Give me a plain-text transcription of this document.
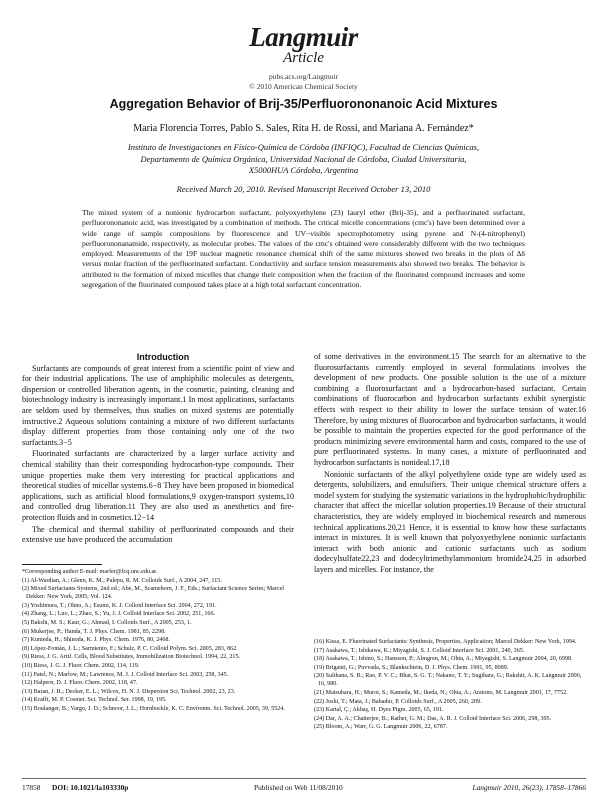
Langmuir
Article
pubs.acs.org/Langmuir
© 2010 American Chemical Society
Aggregation Behavior of Brij-35/Perfluorononanoic Acid Mixtures
Maria Florencia Torres, Pablo S. Sales, Rita H. de Rossi, and Mariana A. Fernández*
Instituto de Investigaciones en Físico-Química de Córdoba (INFIQC), Facultad de Ciencias Químicas,
Departamento de Química Orgánica, Universidad Nacional de Córdoba, Ciudad Universitaria,
X5000HUA Córdoba, Argentina
Received March 20, 2010. Revised Manuscript Received October 13, 2010
The mixed system of a nonionic hydrocarbon surfactant, polyoxyethylene (23) lauryl ether (Brij-35), and a perfluorinated surfactant, perfluorononanoic acid, was investigated by a combination of methods. The critical micelle concentrations (cmc's) have been determined over a wide range of sample compositions by fluorescence and UV−visible spectrophotometry using pyrene and N-(4-nitrophenyl) perfluorononanamide, respectively, as molecular probes. The values of the cmc's obtained were considerably different with the two techniques employed. Measurements of the 19F nuclear magnetic resonance chemical shift of the same mixtures showed two breaks in the plots of Δδ versus molar fraction of the perfluorinated surfactant. Conductivity and surface tension measurements also showed two breaks. The behavior is attributed to the formation of mixed micelles that change their composition when the fraction of the fluorinated compound increases and some segregation of the fluorinated compound takes place at a high total surfactant concentration.

Introduction

Surfactants are compounds of great interest from a scientific point of view and for their industrial applications. The use of amphiphilic molecules as detergents, dispersion or controlled liberation agents, in the cosmetic, painting, cleaning and biotechnology industry is increasingly important.1 In most applications, surfactants are seldom used by themselves, thus studies on mixed systems are potentially instructive.2 Aqueous solutions containing a mixture of two different surfactants display different properties from those containing only one of the two surfactants.3−5

Fluorinated surfactants are characterized by a larger surface activity and chemical stability than their corresponding hydrocarbon-type compounds. Their unique properties make them very interesting for practical applications and theoretical studies of micellar systems.6−8 They have been proposed in biomedical applications, such as artificial blood formulations,9 oxygen-transport systems,10 and controlled drug liberation.11 They are also used as anesthetics and fire-protection fluids and in cosmetics.12−14

The chemical and thermal stability of perfluorinated compounds and their extensive use have produced the accumulation

of some derivatives in the environment.15 The search for an alternative to the fluorosurfactants currently employed in several formulations involves the development of new products. One possible solution is the use of a mixture combining a fluorosurfactant and a hydrocarbon-based surfactant. Certain combinations of fluorocarbon and hydrocarbon surfactants exhibit synergistic effects with respect to their ability to lower the surface tension of water.16 Therefore, by using mixtures of fluorocarbon and hydrocarbon surfactants, it would be possible to maintain the properties expected for the good performance of the products minimizing severe environmental harm and costs, compared to the use of pure perfluorinated systems. In many cases, a mixture of perfluorinated and hydrocarbon surfactants is nonideal.17,18

Nonionic surfactants of the alkyl polyethylene oxide type are widely used as detergents, solubilizers, and emulsifiers. Their unique chemical structure offers a model system for studying the systematic variations in the hydrophobic/hydrophilic character that affect the micellar solution properties.19 Because of their structural characteristics, they are widely employed in biochemical research and numerous technical applications.20,21 Hence, it is essential to know how these surfactants interact in mixtures. It is well known that polyoxyethylene nonionic surfactants interact with both anionic and cationic surfactants such as sodium dodecylsulfate22,23 and dodecyltrimethylammonium bromide24,25 in adsorbed layers and micelles. For instance, the

*Corresponding author E-mail: marfer@fcq.unc.edu.ar.
(1) Al-Wardian, A.; Glenn, K. M.; Palepu, R. M. Colloids Surf., A 2004, 247, 115.
(2) Mixed Surfactants Systems, 2nd ed.; Abe, M., Scamehorn, J. F., Eds.; Surfactant Science Series; Marcel Dekker: New York, 2005; Vol. 124.
(3) Yoshimura, T.; Ohno, A.; Esumi, K. J. Colloid Interface Sci. 2004, 272, 191.
(4) Zhang, L.; Luo, L.; Zhao, S.; Yu, J. J. Colloid Interface Sci. 2002, 251, 166.
(5) Bakshi, M. S.; Kaur, G.; Ahmad, I. Colloids Surf., A 2005, 253, 1.
(6) Mukerjee, P.; Handa, T. J. Phys. Chem. 1981, 85, 2298.
(7) Kunieda, H.; Shinoda, K. J. Phys. Chem. 1976, 80, 2468.
(8) López-Fontán, J. L.; Sarmiento, F.; Schulz, P. C. Colloid Polym. Sci. 2005, 283, 862.
(9) Riess, J. G. Artif. Cells, Blood Substitutes, Immobilization Biotechnol. 1994, 22, 215.
(10) Riess, J. G. J. Fluor. Chem. 2002, 114, 119.
(11) Patel, N.; Marlow, M.; Lawrence, M. J. J. Colloid Interface Sci. 2003, 258, 345.
(12) Halpern, D. J. Fluor. Chem. 2002, 118, 47.
(13) Baran, J. R.; Decker, E. L.; Wilcox, H. N. J. Dispersion Sci. Technol. 2002, 23, 23.
(14) Krafft, M. P. Cosmet. Sci. Technol. Ser. 1998, 19, 195.
(15) Boulanger, B.; Vargo, J. D.; Schnoor, J. L.; Hornbuckle, K. C. Environm. Sci. Technol. 2005, 39, 5524.
(16) Kissa, E. Fluorinated Surfactants: Synthesis, Properties, Application; Marcel Dekker: New York, 1994.
(17) Asakawa, T.; Ishikawa, K.; Miyagishi, S. J. Colloid Interface Sci. 2001, 240, 365.
(18) Asakawa, T.; Ishino, S.; Hansson, P.; Almgren, M.; Ohta, A.; Miyagishi, S. Langmuir 2004, 20, 6998.
(19) Briganti, G.; Puvvada, S.; Blankschtein, D. J. Phys. Chem. 1991, 95, 8989.
(20) Sulthana, S. B.; Rao, P. V. C.; Bhat, S. G. T.; Nakano, T. Y.; Sugihara, G.; Rakshit, A. K. Langmuir 2000, 16, 980.
(21) Matsubara, H.; Muroi, S.; Kameda, M.; Ikeda, N.; Ohta, A.; Aratono, M. Langmuir 2001, 17, 7752.
(22) Joshi, T.; Mata, J.; Bahadur, P. Colloids Surf., A 2005, 260, 209.
(23) Kartal, Ç.; Akbaş, H. Dyes Pigm. 2005, 65, 191.
(24) Dar, A. A.; Chatterjee, B.; Rather, G. M.; Das, A. R. J. Colloid Interface Sci. 2006, 298, 395.
(25) Bloom, A.; Warr, G. G. Langmuir 2006, 22, 6787.
17858 DOI: 10.1021/la103330p	Published on Web 11/08/2010	Langmuir 2010, 26(23), 17858–17866
